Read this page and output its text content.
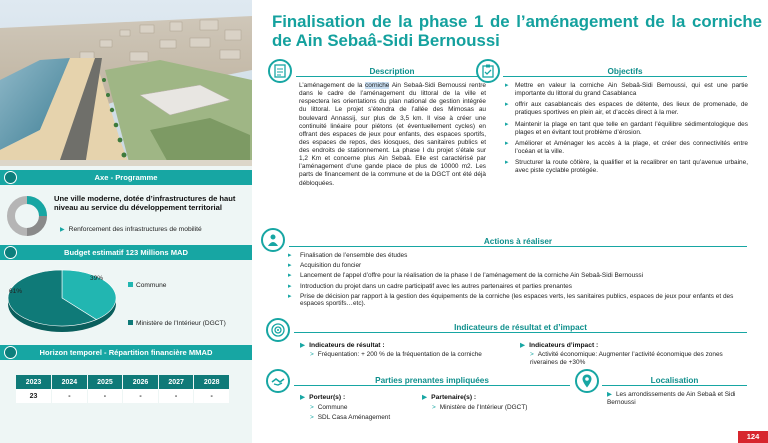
Axe - Programme
Une ville moderne, dotée d’infrastructures de haut niveau au service du développement territorial
▶ Renforcement des infrastructures de mobilité
Budget estimatif 123 Millions MAD
39%
61%
Commune
Ministère de l’Intérieur (DGCT)
Horizon temporel - Répartition financière MMAD
2023	2024	2025	2026	2027	2028
23	-	-	-	-	-
Finalisation de la phase 1 de l’aménagement de la corniche de Ain Sebaâ-Sidi Bernoussi
Description
L’aménagement de la corniche Ain Sebaâ-Sidi Bernoussi rentre dans le cadre de l’aménagement du littoral de la ville et respectera les orientations du plan national de gestion intégrée du littoral. Le projet s’étendra de l’allée des Mimosas au boulevard Annassij, sur plus de 3,5 km. Il vise à créer une continuité linéaire pour piétons (et éventuellement cycles) en offrant des espaces de jeux pour enfants, des espaces sportifs, des espaces de repos, des kiosques, des sanitaires publics et des endroits de stationnement. La phase I du projet s’étale sur 1,2 Km et concerne plus Ain Sebaâ. Elle est caractérisé par l’aménagement d’une gande place de plus de 10000 m2. Les parts de financement de la commune et de la DGCT ont été déjà débloquées.
Objectifs
▸ Mettre en valeur la corniche Ain Sebaâ-Sidi Bernoussi, qui est une partie importante du littoral du grand Casablanca
▸ offrir aux casablancais des espaces de détente, des lieux de promenade, de pratiques sportives en plein air, et d’accès direct à la mer.
▸ Maintenir la plage en tant que telle en gardant l’équilibre sédimentologique des plages et en évitant tout problème d’érosion.
▸ Améliorer et Aménager les accès à la plage, et créer des connectivités entre l’océan et la ville.
▸ Structurer la route côtière, la qualifier et la recalibrer en tant qu’avenue urbaine, avec piste cyclable protégée.
Actions à réaliser
▸ Finalisation de l’ensemble des études
▸ Acquisition du foncier
▸ Lancement de l’appel d’offre pour la réalisation de la phase I de l’aménagement de la corniche Ain Sebaâ-Sidi Bernoussi
▸ Introduction du projet dans un cadre participatif avec les autres partenaires et parties prenantes
▸ Prise de décision par rapport à la gestion des équipements de la corniche (les espaces verts, les sanitaires publics, espaces de jeux pour enfants et des espaces sportifs…etc).
Indicateurs de résultat et d’impact
▶ Indicateurs de résultat :
> Fréquentation: + 200 % de la fréquentation de la corniche
▶ Indicateurs d’impact :
> Activité économique: Augmenter l’activité économique des zones riveraines de +30%
Parties prenantes impliquées
▶ Porteur(s) :
> Commune
> SDL Casa Aménagement
▶ Partenaire(s) :
> Ministère de l’Intérieur (DGCT)
Localisation
▶ Les arrondissements de Ain Sebaâ et Sidi Bernoussi
124
